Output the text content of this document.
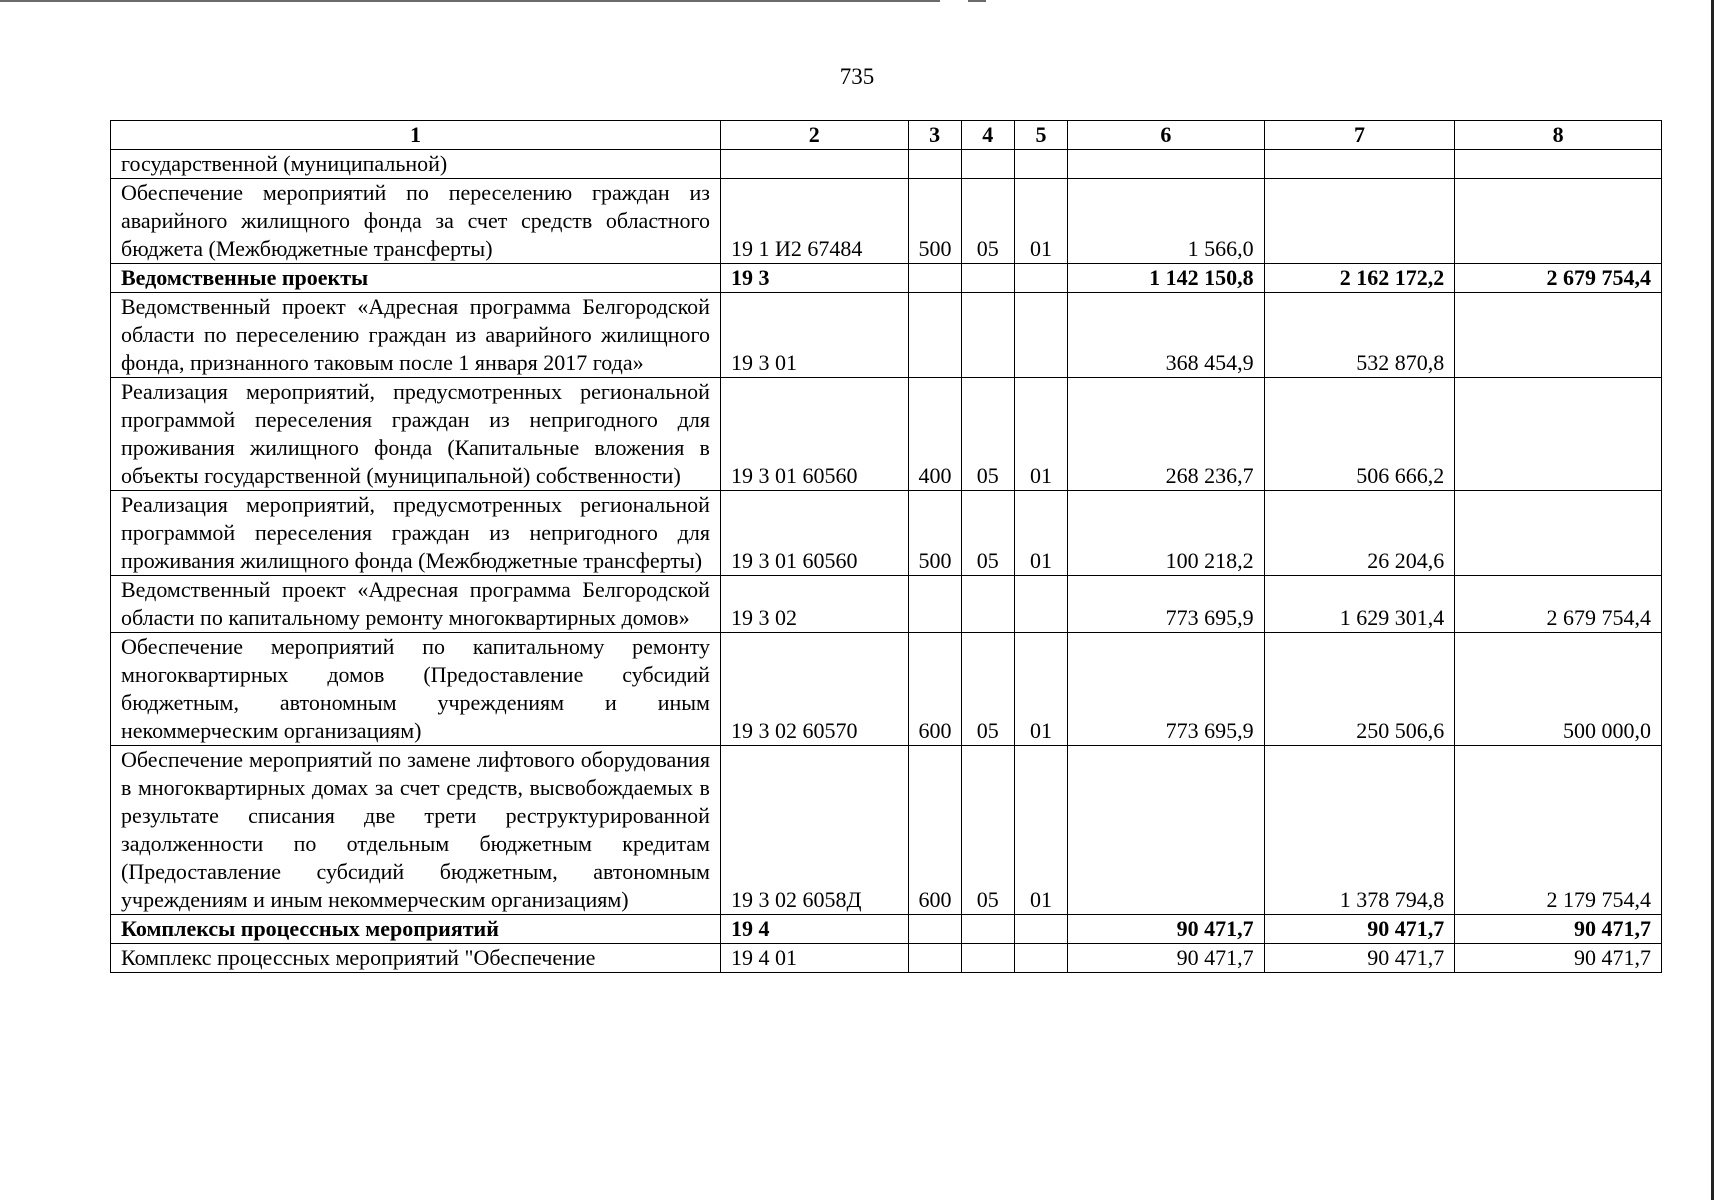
735
1	2	3	4	5	6	7	8
государственной (муниципальной)							
Обеспечение мероприятий по переселению граждан из аварийного жилищного фонда за счет средств областного бюджета (Межбюджетные трансферты)	19 1 И2 67484	500	05	01	1 566,0		
Ведомственные проекты	19 3				1 142 150,8	2 162 172,2	2 679 754,4
Ведомственный проект «Адресная программа Белгородской области по переселению граждан из аварийного жилищного фонда, признанного таковым после 1 января 2017 года»	19 3 01				368 454,9	532 870,8	
Реализация мероприятий, предусмотренных региональной программой переселения граждан из непригодного для проживания жилищного фонда (Капитальные вложения в объекты государственной (муниципальной) собственности)	19 3 01 60560	400	05	01	268 236,7	506 666,2	
Реализация мероприятий, предусмотренных региональной программой переселения граждан из непригодного для проживания жилищного фонда (Межбюджетные трансферты)	19 3 01 60560	500	05	01	100 218,2	26 204,6	
Ведомственный проект «Адресная программа Белгородской области по капитальному ремонту многоквартирных домов»	19 3 02				773 695,9	1 629 301,4	2 679 754,4
Обеспечение мероприятий по капитальному ремонту многоквартирных домов (Предоставление субсидий бюджетным, автономным учреждениям и иным некоммерческим организациям)	19 3 02 60570	600	05	01	773 695,9	250 506,6	500 000,0
Обеспечение мероприятий по замене лифтового оборудования в многоквартирных домах за счет средств, высвобождаемых в результате списания две трети реструктурированной задолженности по отдельным бюджетным кредитам (Предоставление субсидий бюджетным, автономным учреждениям и иным некоммерческим организациям)	19 3 02 6058Д	600	05	01		1 378 794,8	2 179 754,4
Комплексы процессных мероприятий	19 4				90 471,7	90 471,7	90 471,7
Комплекс процессных мероприятий "Обеспечение	19 4 01				90 471,7	90 471,7	90 471,7
